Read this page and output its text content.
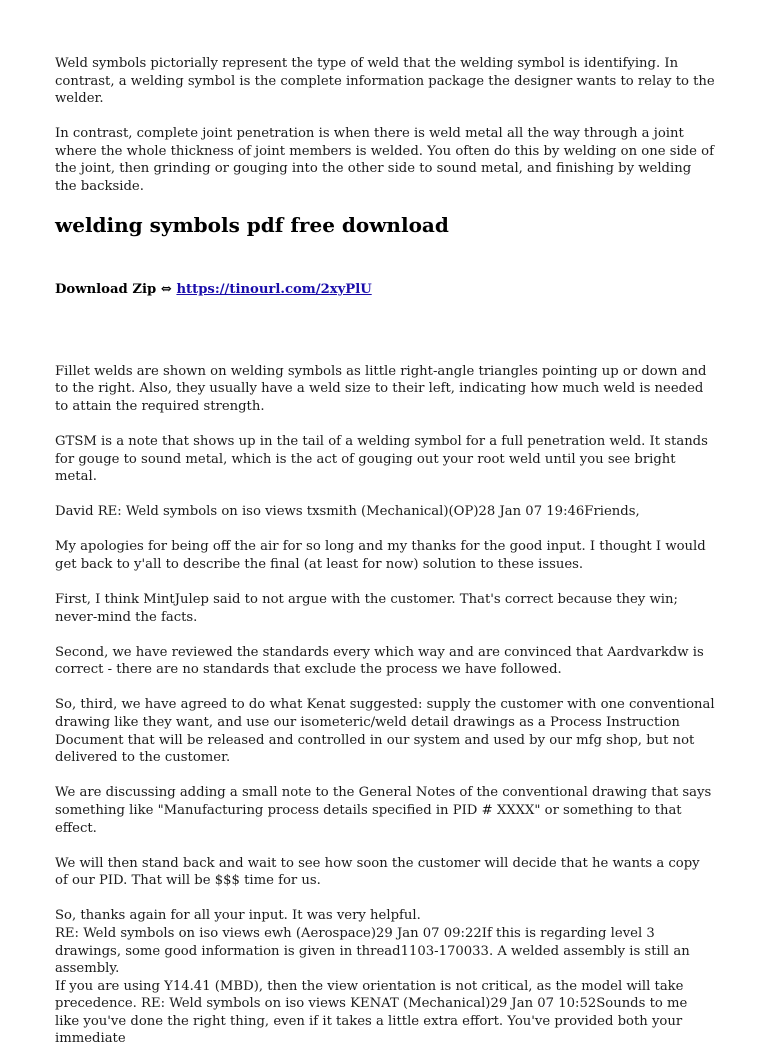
Weld symbols pictorially represent the type of weld that the welding symbol is identifying. In contrast, a welding symbol is the complete information package the designer wants to relay to the welder.

In contrast, complete joint penetration is when there is weld metal all the way through a joint where the whole thickness of joint members is welded. You often do this by welding on one side of the joint, then grinding or gouging into the other side to sound metal, and finishing by welding the backside.

welding symbols pdf free download

Download Zip ⇔ https://tinourl.com/2xyPlU

Fillet welds are shown on welding symbols as little right-angle triangles pointing up or down and to the right. Also, they usually have a weld size to their left, indicating how much weld is needed to attain the required strength.

GTSM is a note that shows up in the tail of a welding symbol for a full penetration weld. It stands for gouge to sound metal, which is the act of gouging out your root weld until you see bright metal.

David RE: Weld symbols on iso views txsmith (Mechanical)(OP)28 Jan 07 19:46Friends,

My apologies for being off the air for so long and my thanks for the good input. I thought I would get back to y'all to describe the final (at least for now) solution to these issues.

First, I think MintJulep said to not argue with the customer. That's correct because they win; never-mind the facts.

Second, we have reviewed the standards every which way and are convinced that Aardvarkdw is correct - there are no standards that exclude the process we have followed.

So, third, we have agreed to do what Kenat suggested: supply the customer with one conventional drawing like they want, and use our isometeric/weld detail drawings as a Process Instruction Document that will be released and controlled in our system and used by our mfg shop, but not delivered to the customer.

We are discussing adding a small note to the General Notes of the conventional drawing that says something like "Manufacturing process details specified in PID # XXXX" or something to that effect.

We will then stand back and wait to see how soon the customer will decide that he wants a copy of our PID. That will be $$$ time for us.

So, thanks again for all your input. It was very helpful.

RE: Weld symbols on iso views ewh (Aerospace)29 Jan 07 09:22If this is regarding level 3 drawings, some good information is given in thread1103-170033. A welded assembly is still an assembly.

If you are using Y14.41 (MBD), then the view orientation is not critical, as the model will take precedence. RE: Weld symbols on iso views KENAT (Mechanical)29 Jan 07 10:52Sounds to me like you've done the right thing, even if it takes a little extra effort. You've provided both your immediate
